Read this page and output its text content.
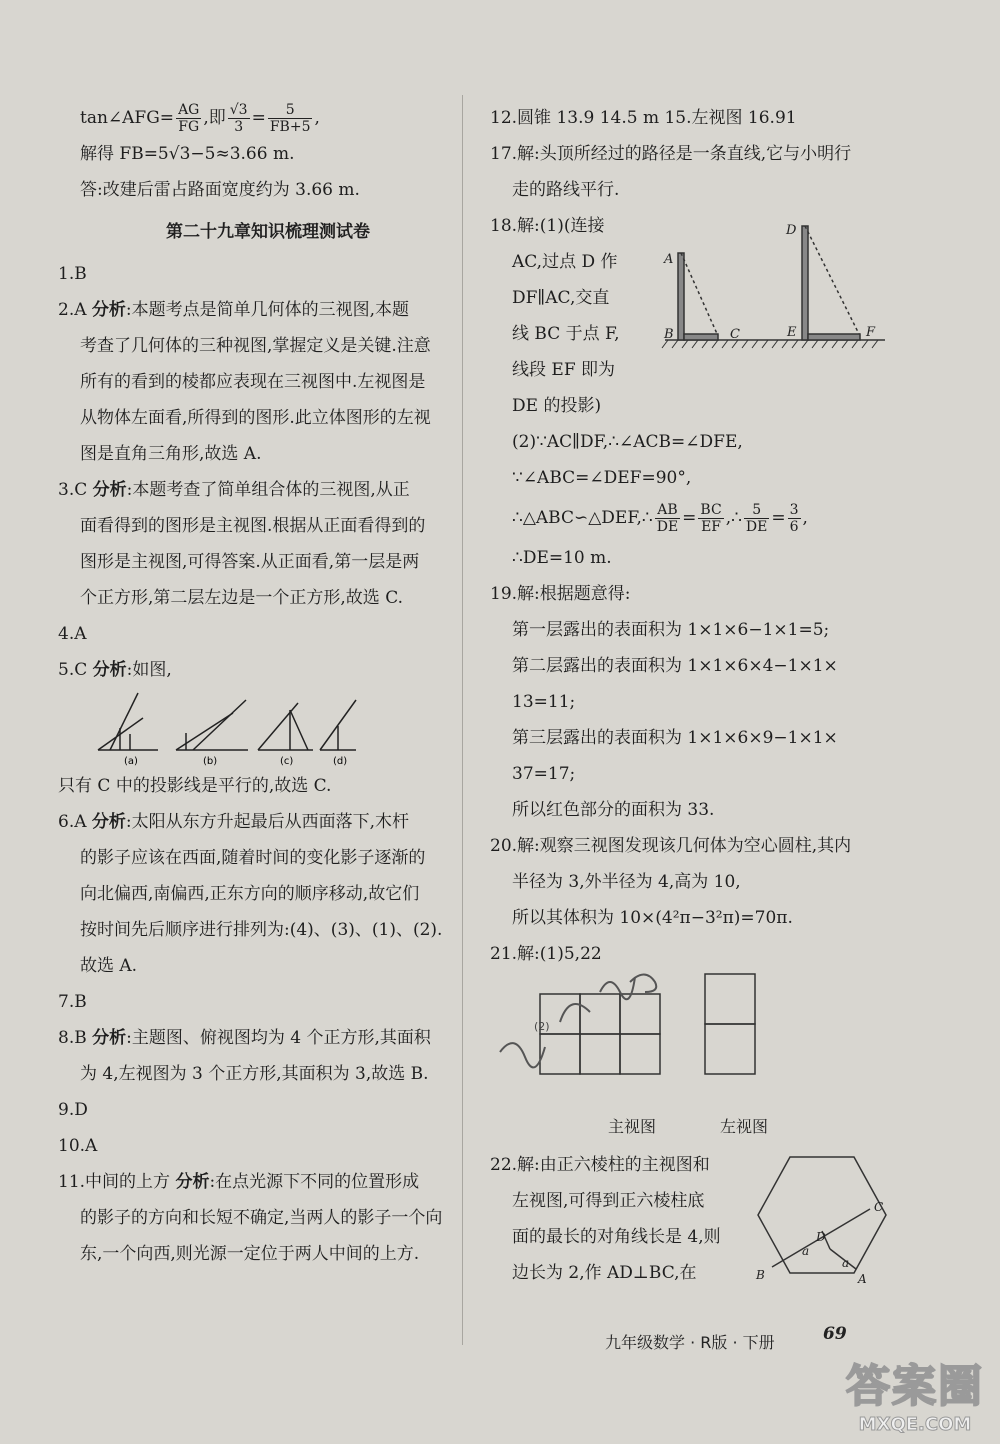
tan∠AFG= $\frac{AG}{FG}$ ,即 $\frac{√3}{3} = \frac{5}{FB+5}$ ,
解得 FB=5√3−5≈3.66 m.
答:改建后雷占路面宽度约为 3.66 m.
第二十九章知识梳理测试卷
1.B
2.A 分析:本题考点是简单几何体的三视图,本题
考查了几何体的三种视图,掌握定义是关键.注意
所有的看到的棱都应表现在三视图中.左视图是
从物体左面看,所得到的图形.此立体图形的左视
图是直角三角形,故选 A.
3.C 分析:本题考查了简单组合体的三视图,从正
面看得到的图形是主视图.根据从正面看得到的
图形是主视图,可得答案.从正面看,第一层是两
个正方形,第二层左边是一个正方形,故选 C.
4.A
5.C 分析:如图,
(a)	(b)	(c)	(d)
只有 C 中的投影线是平行的,故选 C.
6.A 分析:太阳从东方升起最后从西面落下,木杆
的影子应该在西面,随着时间的变化影子逐渐的
向北偏西,南偏西,正东方向的顺序移动,故它们
按时间先后顺序进行排列为:(4)、(3)、(1)、(2).
故选 A.
7.B
8.B 分析:主题图、俯视图均为 4 个正方形,其面积
为 4,左视图为 3 个正方形,其面积为 3,故选 B.
9.D
10.A
11.中间的上方 分析:在点光源下不同的位置形成
的影子的方向和长短不确定,当两人的影子一个向
东,一个向西,则光源一定位于两人中间的上方.
12.圆锥 13.9 14.5 m 15.左视图 16.91
17.解:头顶所经过的路径是一条直线,它与小明行
走的路线平行.
18.解:(1)(连接
AC,过点 D 作
DF∥AC,交直
线 BC 于点 F,
线段 EF 即为
A
B	C
D
E	F
DE 的投影)
(2)∵AC∥DF,∴∠ACB=∠DFE,
∵∠ABC=∠DEF=90°,
∴△ABC∽△DEF,∴ $\frac{AB}{DE} = \frac{BC}{EF}$ ,∴ $\frac{5}{DE} = \frac{3}{6}$ ,
∴DE=10 m.
19.解:根据题意得:
第一层露出的表面积为 1×1×6−1×1=5;
第二层露出的表面积为 1×1×6×4−1×1×
13=11;
第三层露出的表面积为 1×1×6×9−1×1×
37=17;
所以红色部分的面积为 33.
20.解:观察三视图发现该几何体为空心圆柱,其内
半径为 3,外半径为 4,高为 10,
所以其体积为 10×(4²π−3²π)=70π.
21.解:(1)5,22
(2)
主视图	左视图
22.解:由正六棱柱的主视图和
左视图,可得到正六棱柱底
面的最长的对角线长是 4,则
边长为 2,作 AD⊥BC,在	B	A
C
D
a
a
九年级数学 · R版 · 下册	69
答案圈
MXQE.COM
